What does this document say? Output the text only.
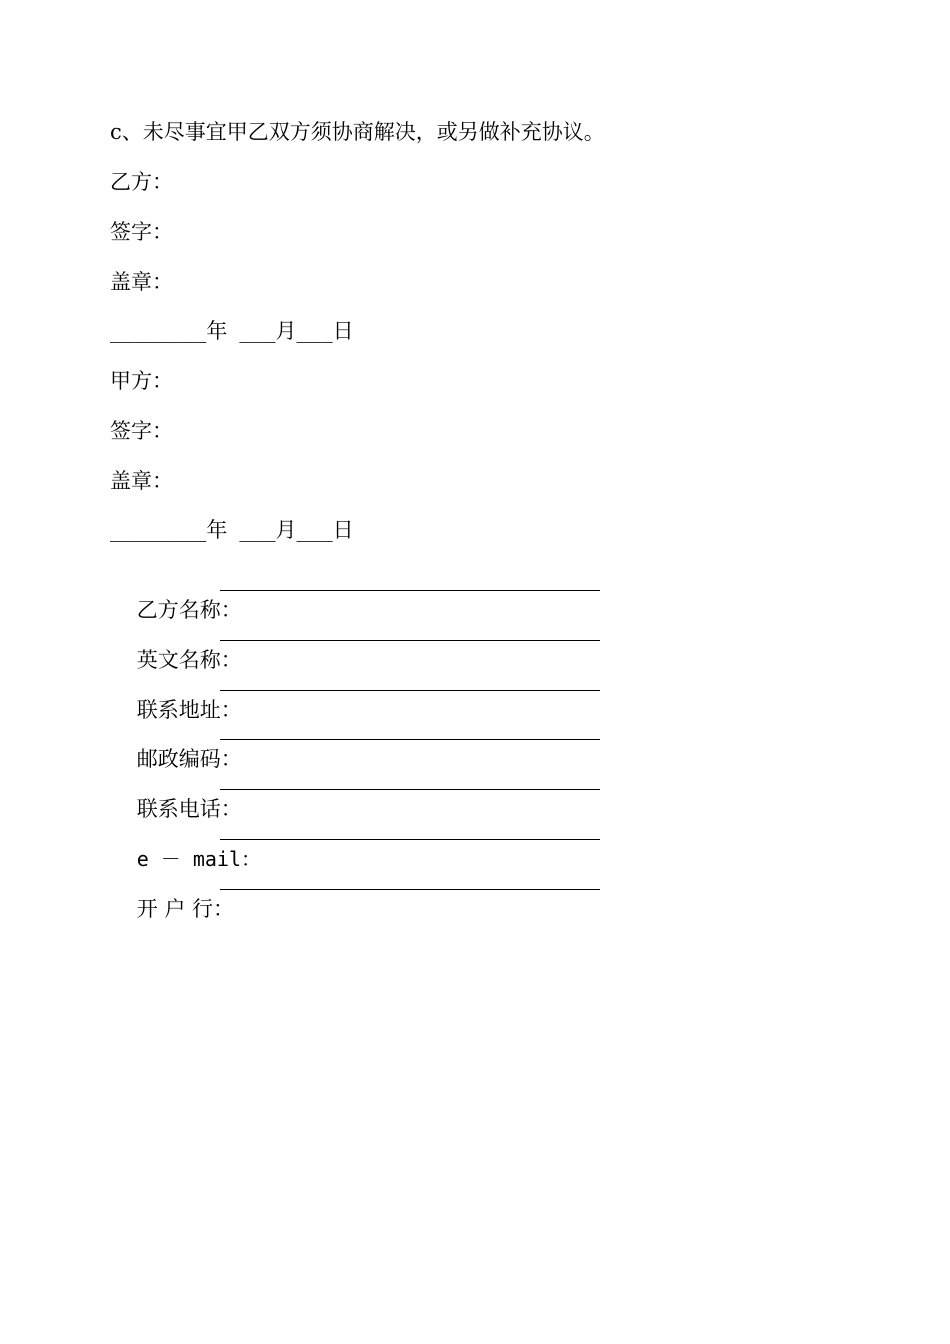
c、未尽事宜甲乙双方须协商解决，或另做补充协议。
乙方：
签字：
盖章：
________年 ___月___日
甲方：
签字：
盖章：
________年 ___月___日

乙方名称：

英文名称：

联系地址：

邮政编码：

联系电话：

e － mail：

开 户 行：
